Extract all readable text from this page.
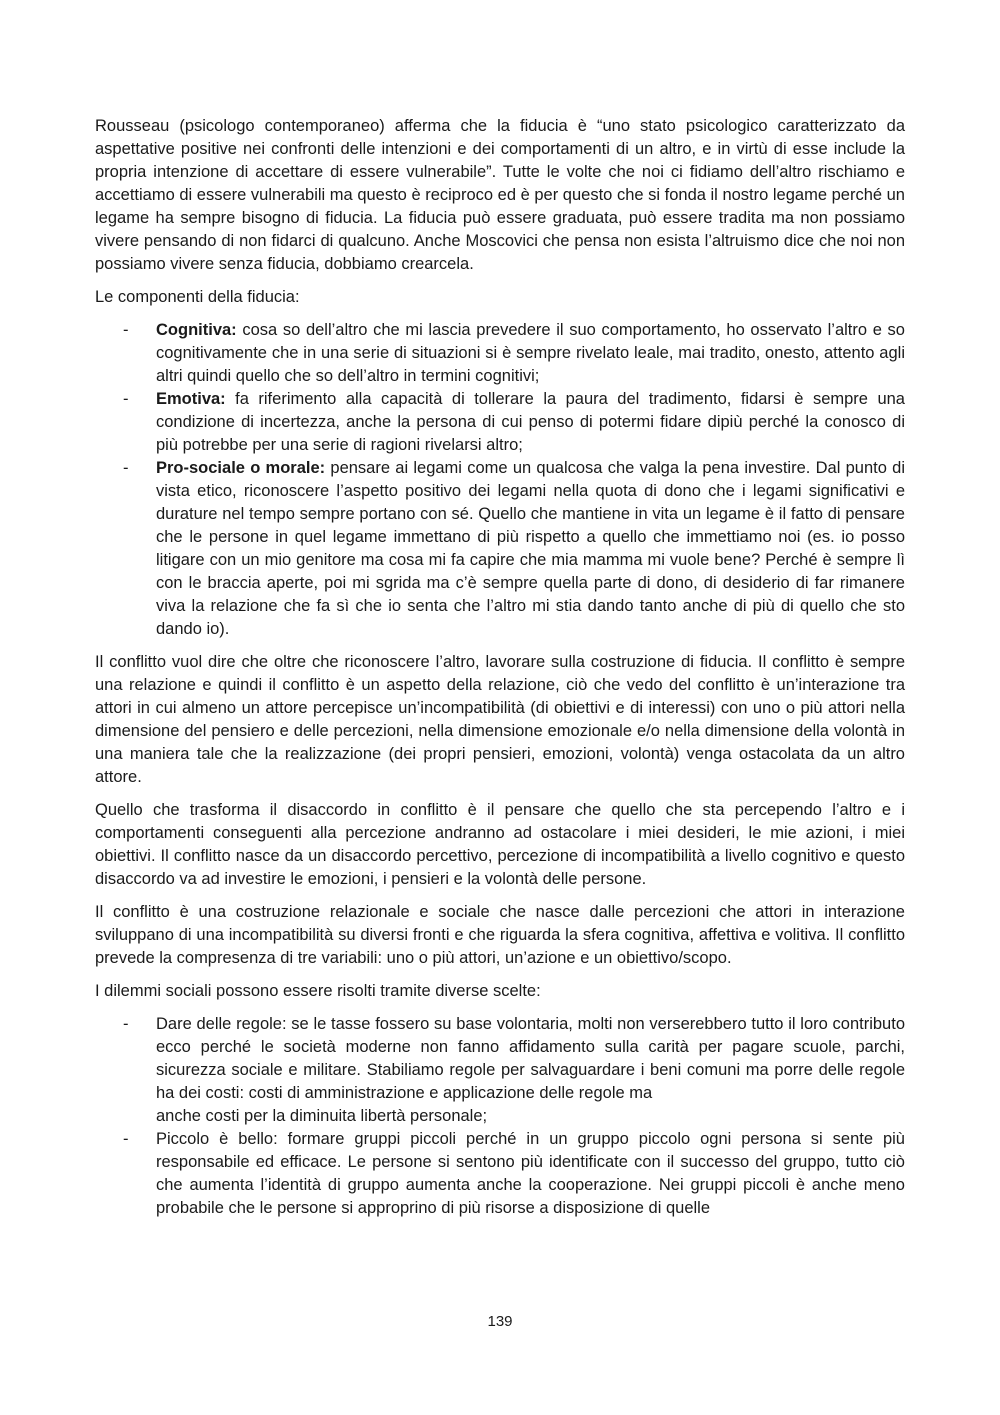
Rousseau (psicologo contemporaneo) afferma che la fiducia è “uno stato psicologico caratterizzato da aspettative positive nei confronti delle intenzioni e dei comportamenti di un altro, e in virtù di esse include la propria intenzione di accettare di essere vulnerabile”. Tutte le volte che noi ci fidiamo dell’altro rischiamo e accettiamo di essere vulnerabili ma questo è reciproco ed è per questo che si fonda il nostro legame perché un legame ha sempre bisogno di fiducia. La fiducia può essere graduata, può essere tradita ma non possiamo vivere pensando di non fidarci di qualcuno. Anche Moscovici che pensa non esista l’altruismo dice che noi non possiamo vivere senza fiducia, dobbiamo crearcela.

Le componenti della fiducia:

- Cognitiva: cosa so dell’altro che mi lascia prevedere il suo comportamento, ho osservato l’altro e so cognitivamente che in una serie di situazioni si è sempre rivelato leale, mai tradito, onesto, attento agli altri quindi quello che so dell’altro in termini cognitivi;
- Emotiva: fa riferimento alla capacità di tollerare la paura del tradimento, fidarsi è sempre una condizione di incertezza, anche la persona di cui penso di potermi fidare dipiù perché la conosco di più potrebbe per una serie di ragioni rivelarsi altro;
- Pro-sociale o morale: pensare ai legami come un qualcosa che valga la pena investire. Dal punto di vista etico, riconoscere l’aspetto positivo dei legami nella quota di dono che i legami significativi e durature nel tempo sempre portano con sé. Quello che mantiene in vita un legame è il fatto di pensare che le persone in quel legame immettano di più rispetto a quello che immettiamo noi (es. io posso litigare con un mio genitore ma cosa mi fa capire che mia mamma mi vuole bene? Perché è sempre lì con le braccia aperte, poi mi sgrida ma c’è sempre quella parte di dono, di desiderio di far rimanere viva la relazione che fa sì che io senta che l’altro mi stia dando tanto anche di più di quello che sto dando io).

Il conflitto vuol dire che oltre che riconoscere l’altro, lavorare sulla costruzione di fiducia. Il conflitto è sempre una relazione e quindi il conflitto è un aspetto della relazione, ciò che vedo del conflitto è un’interazione tra attori in cui almeno un attore percepisce un’incompatibilità (di obiettivi e di interessi) con uno o più attori nella dimensione del pensiero e delle percezioni, nella dimensione emozionale e/o nella dimensione della volontà in una maniera tale che la realizzazione (dei propri pensieri, emozioni, volontà) venga ostacolata da un altro attore.

Quello che trasforma il disaccordo in conflitto è il pensare che quello che sta percependo l’altro e i comportamenti conseguenti alla percezione andranno ad ostacolare i miei desideri, le mie azioni, i miei obiettivi. Il conflitto nasce da un disaccordo percettivo, percezione di incompatibilità a livello cognitivo e questo disaccordo va ad investire le emozioni, i pensieri e la volontà delle persone.

Il conflitto è una costruzione relazionale e sociale che nasce dalle percezioni che attori in interazione sviluppano di una incompatibilità su diversi fronti e che riguarda la sfera cognitiva, affettiva e volitiva. Il conflitto prevede la compresenza di tre variabili: uno o più attori, un’azione e un obiettivo/scopo.

I dilemmi sociali possono essere risolti tramite diverse scelte:

- Dare delle regole: se le tasse fossero su base volontaria, molti non verserebbero tutto il loro contributo ecco perché le società moderne non fanno affidamento sulla carità per pagare scuole, parchi, sicurezza sociale e militare. Stabiliamo regole per salvaguardare i beni comuni ma porre delle regole ha dei costi: costi di amministrazione e applicazione delle regole ma
anche costi per la diminuita libertà personale;
- Piccolo è bello: formare gruppi piccoli perché in un gruppo piccolo ogni persona si sente più responsabile ed efficace. Le persone si sentono più identificate con il successo del gruppo, tutto ciò che aumenta l’identità di gruppo aumenta anche la cooperazione. Nei gruppi piccoli è anche meno probabile che le persone si approprino di più risorse a disposizione di quelle
139
